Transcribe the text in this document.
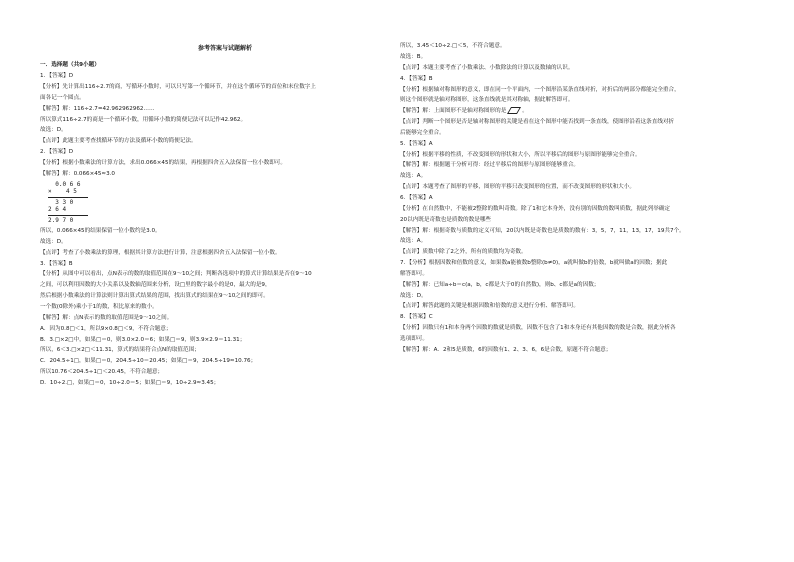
参考答案与试题解析
一．选择题（共9小题）
1．【答案】D
【分析】先计算出116÷2.7的商，写循环小数时，可以只写第一个循环节，并在这个循环节的首位和末位数字上
面各记一个圆点。
【解答】解：116÷2.7=42.962962962……
所以算式116÷2.7的商是一个循环小数，用循环小数的简便记法可以记作42.9̇6̇2̇。
故选：D。
【点评】此题主要考查找循环节的方法及循环小数的简便记法。
2．【答案】D
【分析】根据小数乘法的计算方法，求出0.066×45的结果，再根据四舍五入法保留一位小数即可。
【解答】解：0.066×45≈3.0
0.0 6 6
×    4 5
3 3 0
2 6 4
2.9 7 0
所以，0.066×45的结果保留一位小数约是3.0。
故选：D。
【点评】考查了小数乘法的算理，根据其计算方法进行计算，注意根据四舍五入法保留一位小数。
3．【答案】B
【分析】从图中可以看出，点N表示的数的取值范围在9～10之间；判断各选项中的算式计算结果是否在9～10
之间，可以利用因数的大小关系以及数轴范围来分析，设□里的数字最小的是0，最大的是9，
然后根据小数乘法的计算法则计算出算式结果的范围，找出算式的结果在9～10之间的即可。
一个数(0除外)乘小于1的数，积比原来的数小。
【解答】解：点N表示的数的取值范围是9～10之间。
A．因为0.8□＜1，所以9×0.8□＜9，不符合题意；
B．3.□×2□中，如果□＝0，则3.0×2.0＝6；如果□＝9，则3.9×2.9＝11.31；
所以，6＜3.□×2□＜11.31，算式的结果符合点N的取值范围；
C．204.5÷1□，如果□＝0，204.5÷10＝20.45；如果□＝9，204.5÷19≈10.76；
所以10.76＜204.5÷1□＜20.45，不符合题意；
D．10÷2.□，如果□＝0，10÷2.0＝5；如果□＝9，10÷2.9≈3.45；
所以，3.45＜10÷2.□＜5，不符合题意。
故选：B。
【点评】本题主要考查了小数乘法、小数除法的计算以及数轴的认识。
4．【答案】B
【分析】根据轴对称图形的意义，即在同一个平面内，一个图形沿某条直线对折，对折后的两部分都能完全重合，
则这个图形就是轴对称图形，这条直线就是其对称轴，据此解答即可。
【解答】解：上面图形不是轴对称图形的是	。
【点评】判断一个图形是否是轴对称图形的关键是看在这个图形中能否找到一条直线，使图形沿着这条直线对折
后能够完全重合。
5．【答案】A
【分析】根据平移的性质，不改变图形的形状和大小，所以平移后的图形与原图形能够完全重合。
【解答】解：根据题干分析可得：经过平移后的图形与原图形能够重合。
故选：A。
【点评】本题考查了图形的平移，图形的平移只改变图形的位置，而不改变图形的形状和大小。
6．【答案】A
【分析】在自然数中，不能被2整除的数叫奇数。除了1和它本身外，没有别的因数的数叫质数，据此列举确定
20以内既是奇数也是质数的数是哪些
【解答】解：根据奇数与质数的定义可知，20以内既是奇数也是质数的数有：3，5，7，11，13，17，19共7个。
故选：A。
【点评】质数中除了2之外，所有的质数均为奇数。
7．【分析】根据因数和倍数的意义，如果数a能被数b整除(b≠0)，a就叫做b的倍数，b就叫做a的因数；据此
解答即可。
【解答】解：已知a÷b＝c(a，b，c都是大于0的自然数)，则b、c都是a的因数；
故选：D。
【点评】解答此题的关键是根据因数和倍数的意义进行分析、解答即可。
8．【答案】C
【分析】因数只有1和本身两个因数的数就是质数，因数不包含了1和本身还有其他因数的数是合数，据此分析各
选项即可。
【解答】解：A．2和5是质数，6的因数有1、2、3、6，6是合数，原题不符合题意；
